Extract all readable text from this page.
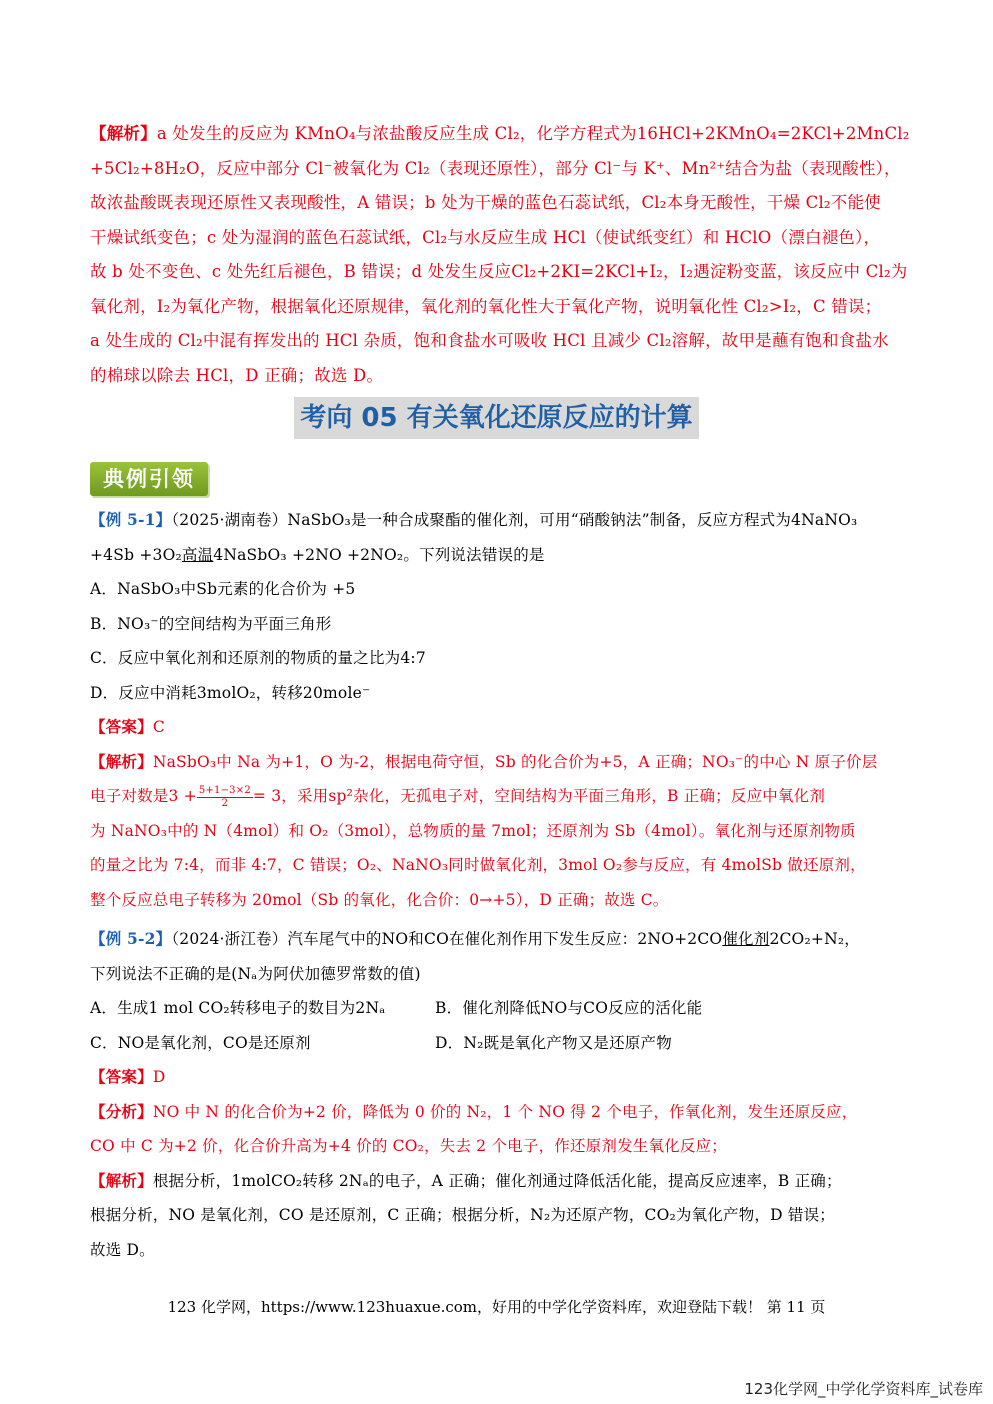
【解析】a 处发生的反应为 KMnO₄与浓盐酸反应生成 Cl₂，化学方程式为16HCl+2KMnO₄=2KCl+2MnCl₂
+5Cl₂+8H₂O，反应中部分 Cl⁻被氧化为 Cl₂（表现还原性），部分 Cl⁻与 K⁺、Mn²⁺结合为盐（表现酸性），
故浓盐酸既表现还原性又表现酸性，A 错误；b 处为干燥的蓝色石蕊试纸，Cl₂本身无酸性，干燥 Cl₂不能使
干燥试纸变色；c 处为湿润的蓝色石蕊试纸，Cl₂与水反应生成 HCl（使试纸变红）和 HClO（漂白褪色），
故 b 处不变色、c 处先红后褪色，B 错误；d 处发生反应Cl₂+2KI=2KCl+I₂，I₂遇淀粉变蓝，该反应中 Cl₂为
氧化剂，I₂为氧化产物，根据氧化还原规律，氧化剂的氧化性大于氧化产物，说明氧化性 Cl₂>I₂，C 错误；
a 处生成的 Cl₂中混有挥发出的 HCl 杂质，饱和食盐水可吸收 HCl 且减少 Cl₂溶解，故甲是蘸有饱和食盐水
的棉球以除去 HCl，D 正确；故选 D。
考向 05 有关氧化还原反应的计算
典例引领
【例 5-1】（2025·湖南卷）NaSbO₃是一种合成聚酯的催化剂，可用“硝酸钠法”制备，反应方程式为4NaNO₃
+4Sb +3O₂高温4NaSbO₃ +2NO +2NO₂。下列说法错误的是
A．NaSbO₃中Sb元素的化合价为 +5
B．NO₃⁻的空间结构为平面三角形
C．反应中氧化剂和还原剂的物质的量之比为4:7
D．反应中消耗3molO₂，转移20mole⁻
【答案】C
【解析】NaSbO₃中 Na 为+1，O 为-2，根据电荷守恒，Sb 的化合价为+5，A 正确；NO₃⁻的中心 N 原子价层
电子对数是$3 + \frac{5+1-3\times 2}{2} = 3$，采用sp²杂化，无孤电子对，空间结构为平面三角形，B 正确；反应中氧化剂
为 NaNO₃中的 N（4mol）和 O₂（3mol），总物质的量 7mol；还原剂为 Sb（4mol）。氧化剂与还原剂物质
的量之比为 7:4，而非 4:7，C 错误；O₂、NaNO₃同时做氧化剂，3mol O₂参与反应，有 4molSb 做还原剂，
整个反应总电子转移为 20mol（Sb 的氧化，化合价：0→+5），D 正确；故选 C。
【例 5-2】（2024·浙江卷）汽车尾气中的NO和CO在催化剂作用下发生反应：2NO+2CO催化剂2CO₂+N₂，
下列说法不正确的是(Nₐ为阿伏加德罗常数的值)
A．生成1 mol CO₂转移电子的数目为2Nₐ	B．催化剂降低NO与CO反应的活化能
C．NO是氧化剂，CO是还原剂	D．N₂既是氧化产物又是还原产物
【答案】D
【分析】NO 中 N 的化合价为+2 价，降低为 0 价的 N₂，1 个 NO 得 2 个电子，作氧化剂，发生还原反应，
CO 中 C 为+2 价，化合价升高为+4 价的 CO₂，失去 2 个电子，作还原剂发生氧化反应；
【解析】根据分析，1molCO₂转移 2Nₐ的电子，A 正确；催化剂通过降低活化能，提高反应速率，B 正确；
根据分析，NO 是氧化剂，CO 是还原剂，C 正确；根据分析，N₂为还原产物，CO₂为氧化产物，D 错误；
故选 D。
123 化学网，https://www.123huaxue.com，好用的中学化学资料库，欢迎登陆下载！ 第 11 页
123化学网_中学化学资料库_试卷库
